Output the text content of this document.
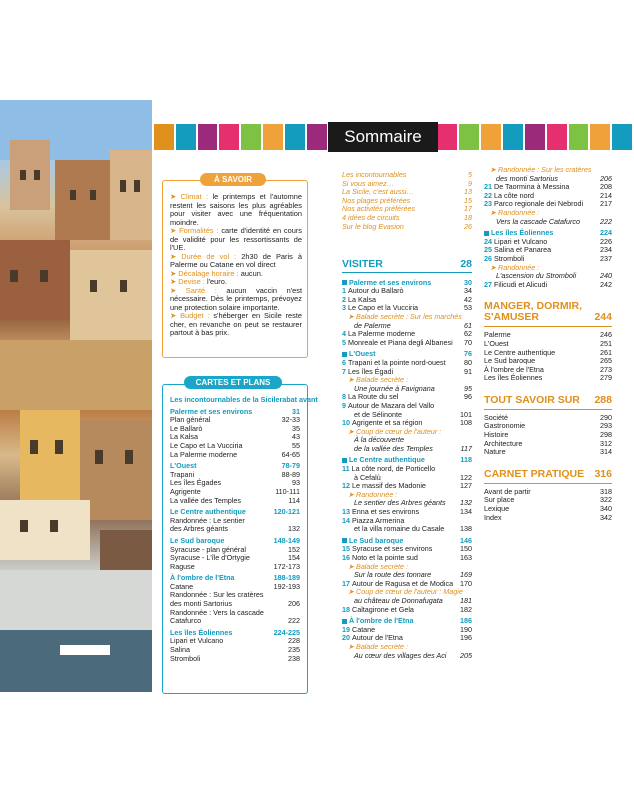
Sommaire
À SAVOIR
➤ Climat : le printemps et l'automne restent les saisons les plus agréables pour visiter avec une fréquentation moindre.
➤ Formalités : carte d'identité en cours de validité pour les ressortissants de l'UE.
➤ Durée de vol : 2h30 de Paris à Palerme ou Catane en vol direct
➤ Décalage horaire : aucun.
➤ Devise : l'euro.
➤ Santé : aucun vaccin n'est nécessaire. Dès le printemps, prévoyez une protection solaire importante.
➤ Budget : s'héberger en Sicile reste cher, en revanche on peut se restaurer partout à bas prix.
CARTES ET PLANS
Les incontournables de la Sicile rabat avant
Palerme et ses environs	31
Plan général	32-33
Le Ballarò	35
La Kalsa	43
Le Capo et La Vucciria	55
La Palerme moderne	64-65
L'Ouest	78-79
Trapani	88-89
Les îles Égades	93
Agrigente	110-111
La vallée des Temples	114
Le Centre authentique	120-121
Randonnée : Le sentier
des Arbres géants	132
Le Sud baroque	148-149
Syracuse - plan général	152
Syracuse - L'île d'Ortygie	154
Raguse	172-173
À l'ombre de l'Etna	188-189
Catane	192-193
Randonnée : Sur les cratères
des monti Sartorius	206
Randonnée : Vers la cascade
Catafurco	222
Les îles Éoliennes	224-225
Lipari et Vulcano	228
Salina	235
Stromboli	238
Les incontournables	5
Si vous aimez…	9
La Sicile, c'est aussi…	13
Nos plages préférées	15
Nos activités préférées	17
4 idées de circuits	18
Sur le blog Evasion	26
VISITER	28
Palerme et ses environs	30
1 Autour du Ballarò	34
2 La Kalsa	42
3 Le Capo et la Vucciria	53
➤ Balade secrète : Sur les marchés
de Palerme	61
4 La Palerme moderne	62
5 Monreale et Piana degli Albanesi 70
L'Ouest	76
6 Trapani et la pointe nord-ouest	80
7 Les îles Égadi	91
➤ Balade secrète :
Une journée à Favignana	95
8 La Route du sel	96
9 Autour de Mazara del Vallo
et de Sélinonte	101
10 Agrigente et sa région	108
➤ Coup de cœur de l'auteur :
À la découverte
de la vallée des Temples	117
Le Centre authentique	118
11 La côte nord, de Porticello
à Cefalù	122
12 Le massif des Madonie	127
➤ Randonnée :
Le sentier des Arbres géants 132
13 Enna et ses environs	134
14 Piazza Armerina
et la villa romaine du Casale 138
Le Sud baroque	146
15 Syracuse et ses environs	150
16 Noto et la pointe sud	163
➤ Balade secrète :
Sur la route des tonnare	169
17 Autour de Ragusa et de Modica 170
➤ Coup de cœur de l'auteur : Magie
au château de Donnafugata 181
18 Caltagirone et Gela	182
À l'ombre de l'Etna	186
19 Catane	190
20 Autour de l'Etna	196
➤ Balade secrète :
Au cœur des villages des Aci 205
➤ Randonnée : Sur les cratères
des monti Sartorius	206
21 De Taormina à Messina	208
22 La côte nord	214
23 Parco regionale dei Nebrodi 217
➤ Randonnée :
Vers la cascade Catafurco	222
Les îles Éoliennes	224
24 Lipari et Vulcano	226
25 Salina et Panarea	234
26 Stromboli	237
➤ Randonnée :
L'ascension du Stromboli	240
27 Filicudi et Alicudi	242
MANGER, DORMIR,
S'AMUSER	244
Palerme	246
L'Ouest	251
Le Centre authentique	261
Le Sud baroque	265
À l'ombre de l'Etna	273
Les îles Éoliennes	279
TOUT SAVOIR SUR 288
Société	290
Gastronomie	293
Histoire	298
Architecture	312
Nature	314
CARNET PRATIQUE 316
Avant de partir	318
Sur place	322
Lexique	340
Index	342
